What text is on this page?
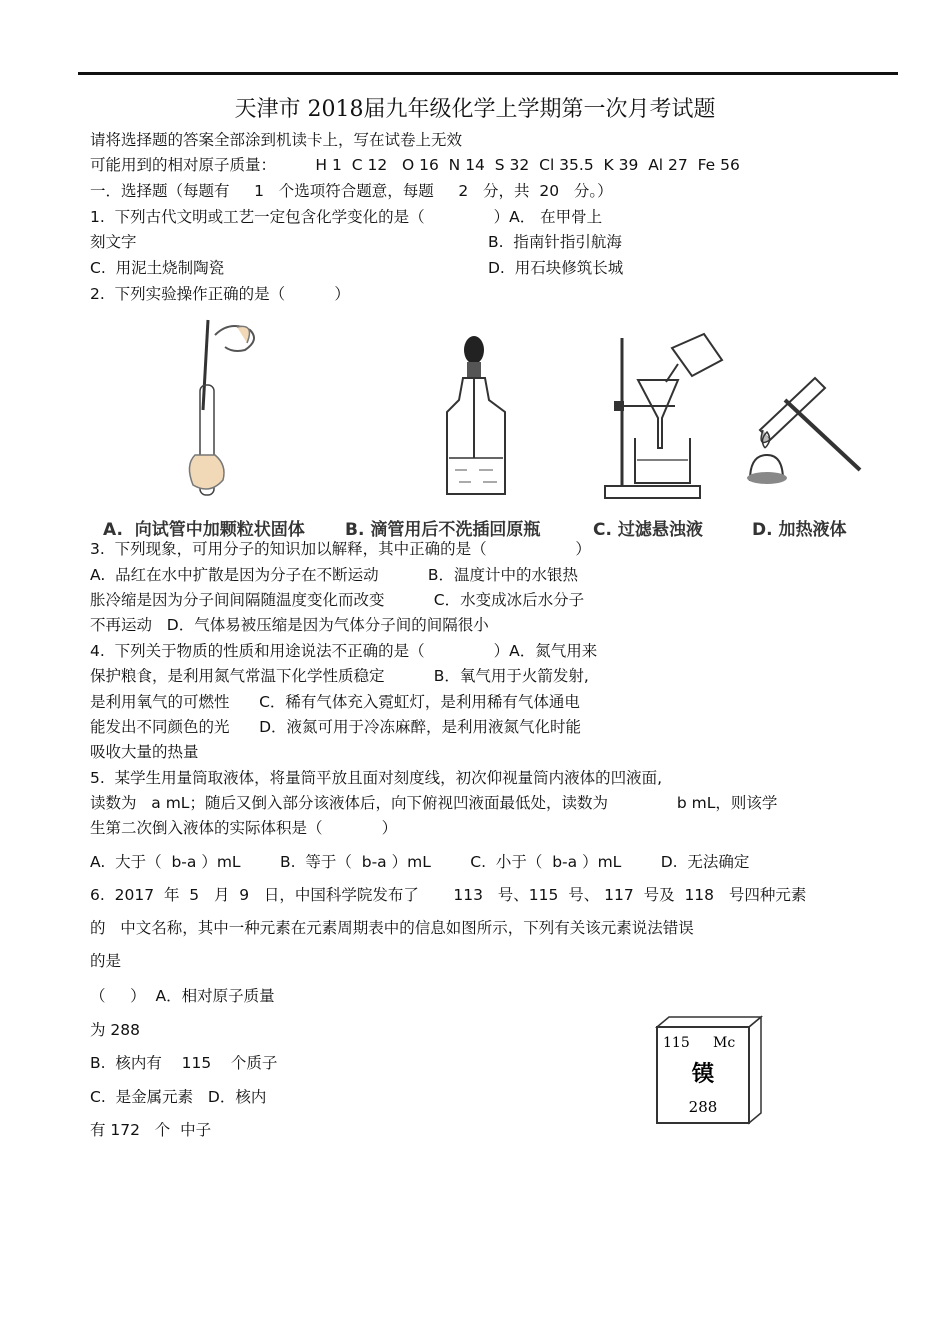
天津市 2018届九年级化学上学期第一次月考试题
请将选择题的答案全部涂到机读卡上，写在试卷上无效
可能用到的相对原子质量：        H 1  C 12   O 16  N 14  S 32  Cl 35.5  K 39  Al 27  Fe 56
一．选择题（每题有     1   个选项符合题意，每题     2   分，共  20   分。）
1.  下列古代文明或工艺一定包含化学变化的是（              ）A． 在甲骨上
刻文字	B.  指南针指引航海
C.  用泥土烧制陶瓷	D.  用石块修筑长城
2.  下列实验操作正确的是（          ）
A.  向试管中加颗粒状固体 B. 滴管用后不洗插回原瓶	C. 过滤悬浊液	D. 加热液体
3.  下列现象，可用分子的知识加以解释，其中正确的是（                  ）
A.  品红在水中扩散是因为分子在不断运动          B．温度计中的水银热
胀冷缩是因为分子间间隔随温度变化而改变          C．水变成冰后水分子
不再运动   D．气体易被压缩是因为气体分子间的间隔很小
4.  下列关于物质的性质和用途说法不正确的是（              ）A．氮气用来
保护粮食，是利用氮气常温下化学性质稳定          B．氧气用于火箭发射,
是利用氧气的可燃性      C．稀有气体充入霓虹灯，是利用稀有气体通电
能发出不同颜色的光      D．液氮可用于冷冻麻醉，是利用液氮气化时能
吸收大量的热量
5.  某学生用量筒取液体，将量筒平放且面对刻度线，初次仰视量筒内液体的凹液面,
读数为   a mL；随后又倒入部分该液体后，向下俯视凹液面最低处，读数为              b mL，则该学
生第二次倒入液体的实际体积是（            ）
A.  大于（  b-a ）mL        B.  等于（  b-a ）mL        C.  小于（  b-a ）mL        D.  无法确定
6.  2017  年  5   月  9   日，中国科学院发布了       113   号、115  号、 117  号及  118   号四种元素
的   中文名称，其中一种元素在元素周期表中的信息如图所示，下列有关该元素说法错误
的是
（     ）  A．相对原子质量
为 288
B.  核内有    115    个质子
C.  是金属元素   D．核内
有 172   个  中子
115 Mc
镆
288
